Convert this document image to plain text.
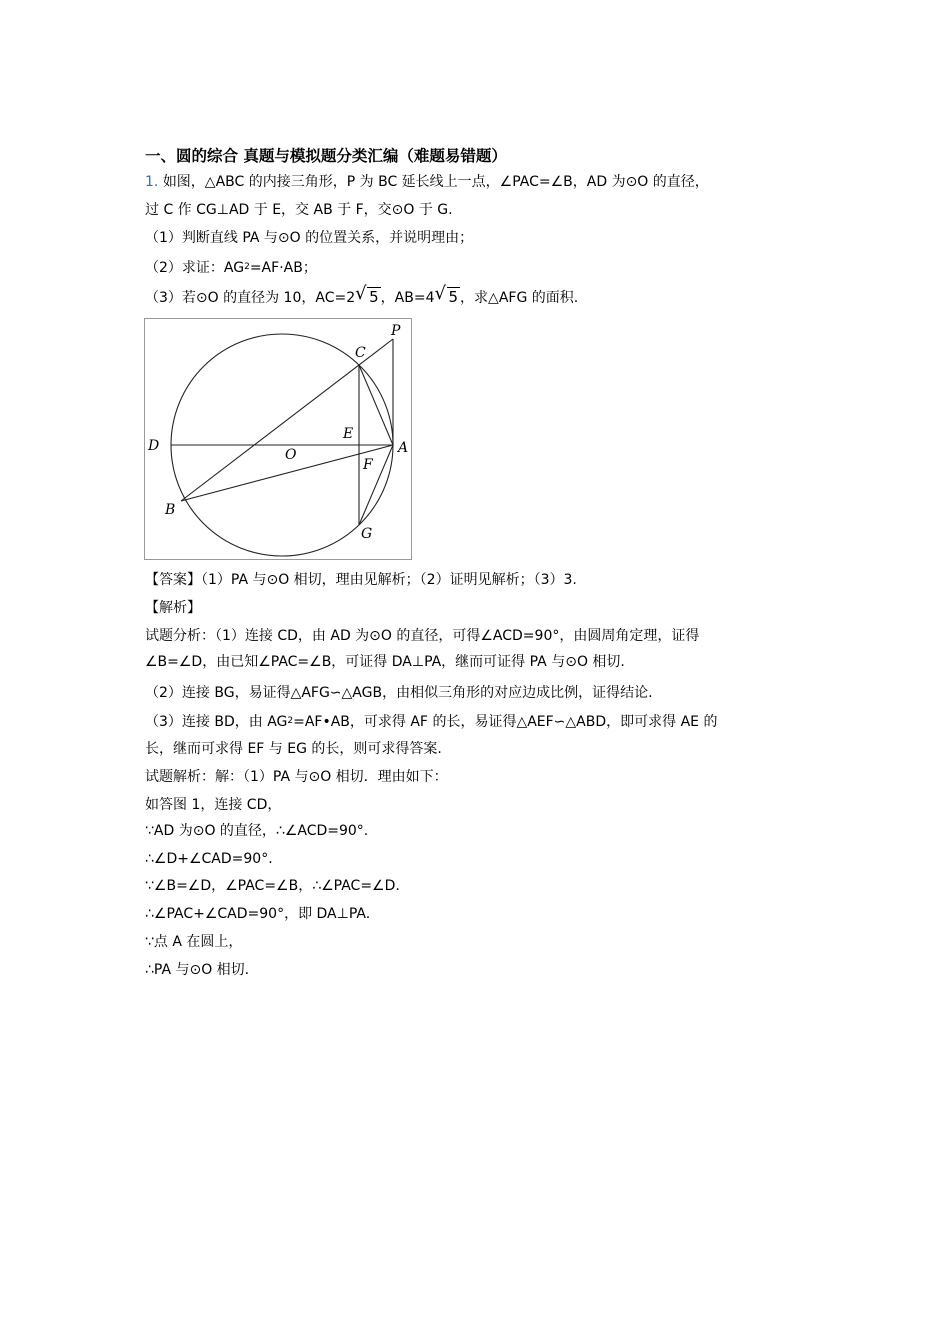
一、圆的综合 真题与模拟题分类汇编（难题易错题）
1. 如图，△ABC 的内接三角形，P 为 BC 延长线上一点，∠PAC=∠B，AD 为⊙O 的直径，
过 C 作 CG⊥AD 于 E，交 AB 于 F，交⊙O 于 G.
（1）判断直线 PA 与⊙O 的位置关系，并说明理由；
（2）求证：$AG^2=AF\cdot AB$；
（3）若⊙O 的直径为 10，AC=2 √ 5 ，AB=4 √ 5 ，求△AFG 的面积.
P
C
D
O
E
A
F
B
G
【答案】（1）PA 与⊙O 相切，理由见解析；（2）证明见解析；（3）3.
【解析】
试题分析：（1）连接 CD，由 AD 为⊙O 的直径，可得∠ACD=90°，由圆周角定理，证得
∠B=∠D，由已知∠PAC=∠B，可证得 DA⊥PA，继而可证得 PA 与⊙O 相切.
（2）连接 BG，易证得△AFG∽△AGB，由相似三角形的对应边成比例，证得结论.
（3）连接 BD，由 $AG^2=AF•AB$，可求得 AF 的长，易证得△AEF∽△ABD，即可求得 AE 的
长，继而可求得 EF 与 EG 的长，则可求得答案.
试题解析：解：（1）PA 与⊙O 相切．理由如下：
如答图 1，连接 CD，
∵AD 为⊙O 的直径，∴∠ACD=90°.
∴∠D+∠CAD=90°.
∵∠B=∠D，∠PAC=∠B，∴∠PAC=∠D.
∴∠PAC+∠CAD=90°，即 DA⊥PA.
∵点 A 在圆上，
∴PA 与⊙O 相切.
